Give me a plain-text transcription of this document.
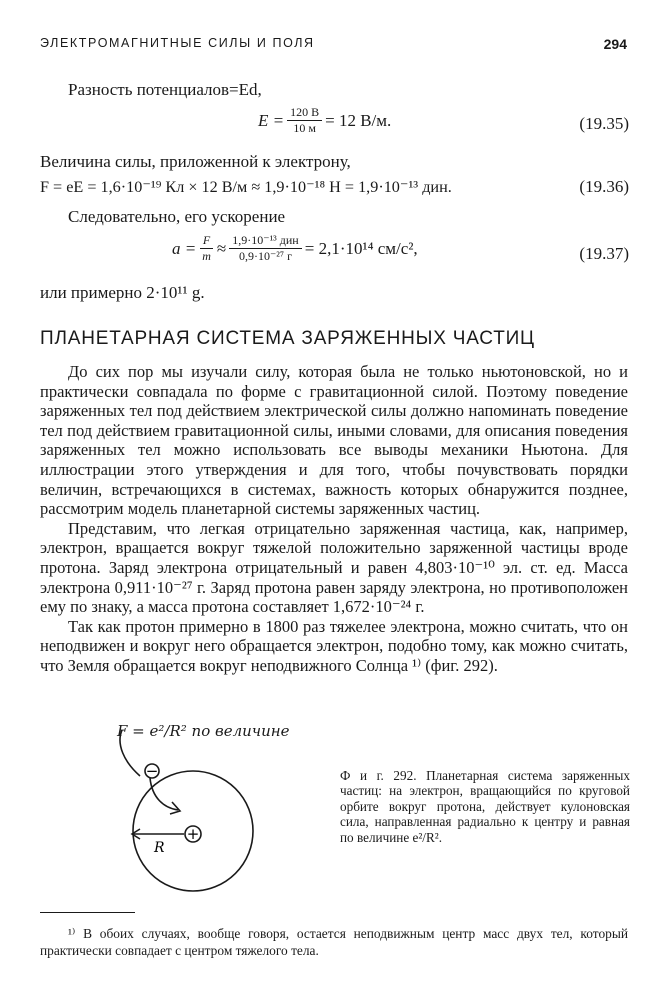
ЭЛЕКТРОМАГНИТНЫЕ СИЛЫ И ПОЛЯ	294
Разность потенциалов=Ed,
$E = \frac{120 В}{10 м} = 12$ В/м.	(19.35)
Величина силы, приложенной к электрону,
F = eE = 1,6·10⁻¹⁹ Кл × 12 В/м ≈ 1,9·10⁻¹⁸ Н = 1,9·10⁻¹³ дин.	(19.36)
Следовательно, его ускорение
$a = \frac{F}{m} \approx \frac{\text{1,9·10⁻¹³ дин}}{\text{0,9·10⁻²⁷ г}} = 2,1\cdot 10^{14}$ см/с²,	(19.37)
или примерно 2·10¹¹ g.
ПЛАНЕТАРНАЯ СИСТЕМА ЗАРЯЖЕННЫХ ЧАСТИЦ

До сих пор мы изучали силу, которая была не только ньютоновской, но и практически совпадала по форме с гравитационной силой. Поэтому поведение заряженных тел под действием электрической силы должно напоминать поведение тел под действием гравитационной силы, иными словами, для описания поведения заряженных тел можно использовать все выводы механики Ньютона. Для иллюстрации этого утверждения и для того, чтобы почувствовать порядки величин, встречающихся в системах, важность которых обнаружится позднее, рассмотрим модель планетарной системы заряженных частиц.

Представим, что легкая отрицательно заряженная частица, как, например, электрон, вращается вокруг тяжелой положительно заряженной частицы вроде протона. Заряд электрона отрицательный и равен 4,803·10⁻¹⁰ эл. ст. ед. Масса электрона 0,911·10⁻²⁷ г. Заряд протона равен заряду электрона, но противоположен ему по знаку, а масса протона составляет 1,672·10⁻²⁴ г.

Так как протон примерно в 1800 раз тяжелее электрона, можно считать, что он неподвижен и вокруг него обращается электрон, подобно тому, как можно считать, что Земля обращается вокруг неподвижного Солнца ¹⁾ (фиг. 292).

−
+
R
F = e²/R² по величине
Ф и г. 292. Планетарная система заряженных частиц: на электрон, вращающийся по круговой орбите вокруг протона, действует кулоновская сила, направленная радиально к центру и равная по величине e²/R².
¹⁾ В обоих случаях, вообще говоря, остается неподвижным центр масс двух тел, который практически совпадает с центром тяжелого тела.
